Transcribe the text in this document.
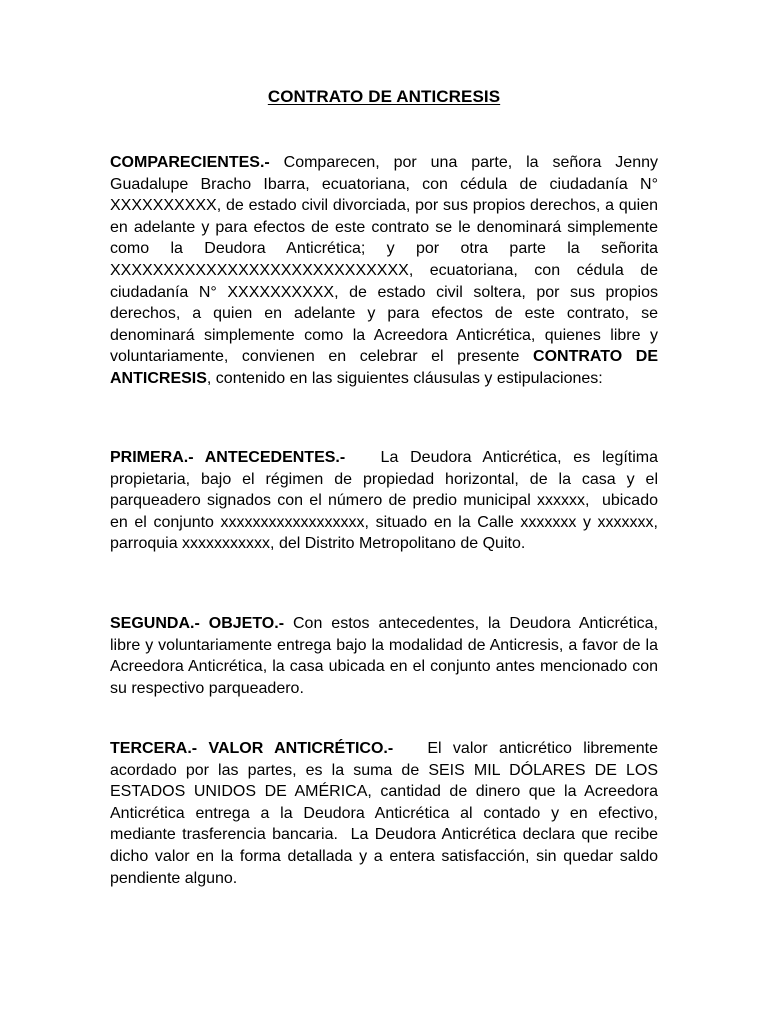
CONTRATO DE ANTICRESIS

COMPARECIENTES.- Comparecen, por una parte, la señora Jenny Guadalupe Bracho Ibarra, ecuatoriana, con cédula de ciudadanía N° XXXXXXXXXX, de estado civil divorciada, por sus propios derechos, a quien en adelante y para efectos de este contrato se le denominará simplemente como la Deudora Anticrética; y por otra parte la señorita XXXXXXXXXXXXXXXXXXXXXXXXXXXX, ecuatoriana, con cédula de ciudadanía N° XXXXXXXXXX, de estado civil soltera, por sus propios derechos, a quien en adelante y para efectos de este contrato, se denominará simplemente como la Acreedora Anticrética, quienes libre y voluntariamente, convienen en celebrar el presente CONTRATO DE ANTICRESIS, contenido en las siguientes cláusulas y estipulaciones:

PRIMERA.- ANTECEDENTES.-   La Deudora Anticrética, es legítima propietaria, bajo el régimen de propiedad horizontal, de la casa y el parqueadero signados con el número de predio municipal xxxxxx,  ubicado en el conjunto xxxxxxxxxxxxxxxxxx, situado en la Calle xxxxxxx y xxxxxxx, parroquia xxxxxxxxxxx, del Distrito Metropolitano de Quito.

SEGUNDA.- OBJETO.- Con estos antecedentes, la Deudora Anticrética, libre y voluntariamente entrega bajo la modalidad de Anticresis, a favor de la Acreedora Anticrética, la casa ubicada en el conjunto antes mencionado con su respectivo parqueadero.

TERCERA.- VALOR ANTICRÉTICO.-   El valor anticrético libremente acordado por las partes, es la suma de SEIS MIL DÓLARES DE LOS ESTADOS UNIDOS DE AMÉRICA, cantidad de dinero que la Acreedora Anticrética entrega a la Deudora Anticrética al contado y en efectivo, mediante trasferencia bancaria.  La Deudora Anticrética declara que recibe dicho valor en la forma detallada y a entera satisfacción, sin quedar saldo pendiente alguno.
